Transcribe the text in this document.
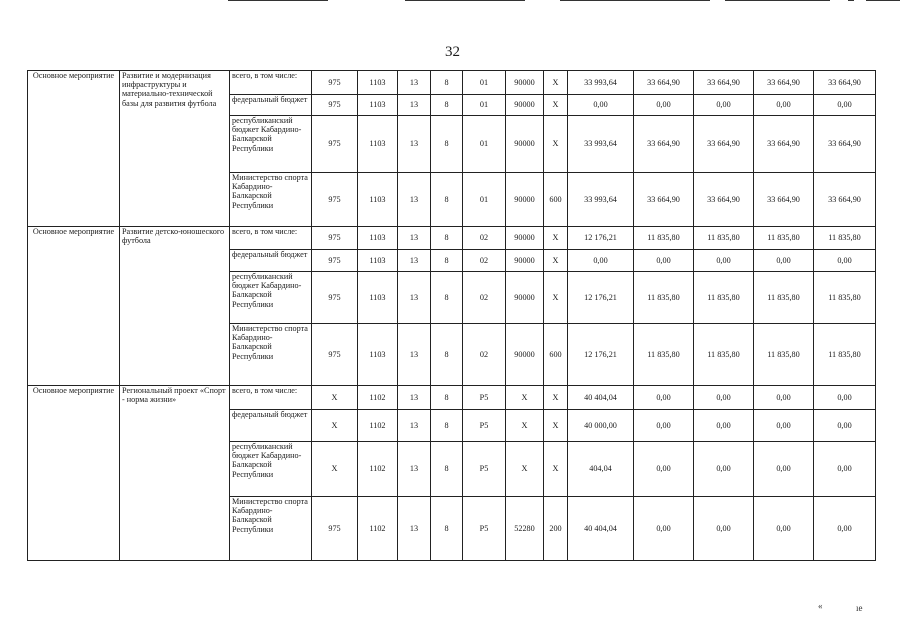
32
Основное мероприятие	Развитие и модернизация инфраструктуры и материально-технической базы для развития футбола	всего, в том числе:	975	1103	13	8	01	90000	X	33 993,64	33 664,90	33 664,90	33 664,90	33 664,90
		федеральный бюджет	975	1103	13	8	01	90000	X	0,00	0,00	0,00	0,00	0,00
		республиканский бюджет Кабардино-Балкарской Республики	975	1103	13	8	01	90000	X	33 993,64	33 664,90	33 664,90	33 664,90	33 664,90
		Министерство спорта Кабардино-Балкарской Республики	975	1103	13	8	01	90000	600	33 993,64	33 664,90	33 664,90	33 664,90	33 664,90
Основное мероприятие	Развитие детско-юношеского футбола	всего, в том числе:	975	1103	13	8	02	90000	X	12 176,21	11 835,80	11 835,80	11 835,80	11 835,80
		федеральный бюджет	975	1103	13	8	02	90000	X	0,00	0,00	0,00	0,00	0,00
		республиканский бюджет Кабардино-Балкарской Республики	975	1103	13	8	02	90000	X	12 176,21	11 835,80	11 835,80	11 835,80	11 835,80
		Министерство спорта Кабардино-Балкарской Республики	975	1103	13	8	02	90000	600	12 176,21	11 835,80	11 835,80	11 835,80	11 835,80
Основное мероприятие	Региональный проект «Спорт - норма жизни»	всего, в том числе:	X	1102	13	8	P5	X	X	40 404,04	0,00	0,00	0,00	0,00
		федеральный бюджет	X	1102	13	8	P5	X	X	40 000,00	0,00	0,00	0,00	0,00
		республиканский бюджет Кабардино-Балкарской Республики	X	1102	13	8	P5	X	X	404,04	0,00	0,00	0,00	0,00
		Министерство спорта Кабардино-Балкарской Республики	975	1102	13	8	P5	52280	200	40 404,04	0,00	0,00	0,00	0,00
«	ıe
